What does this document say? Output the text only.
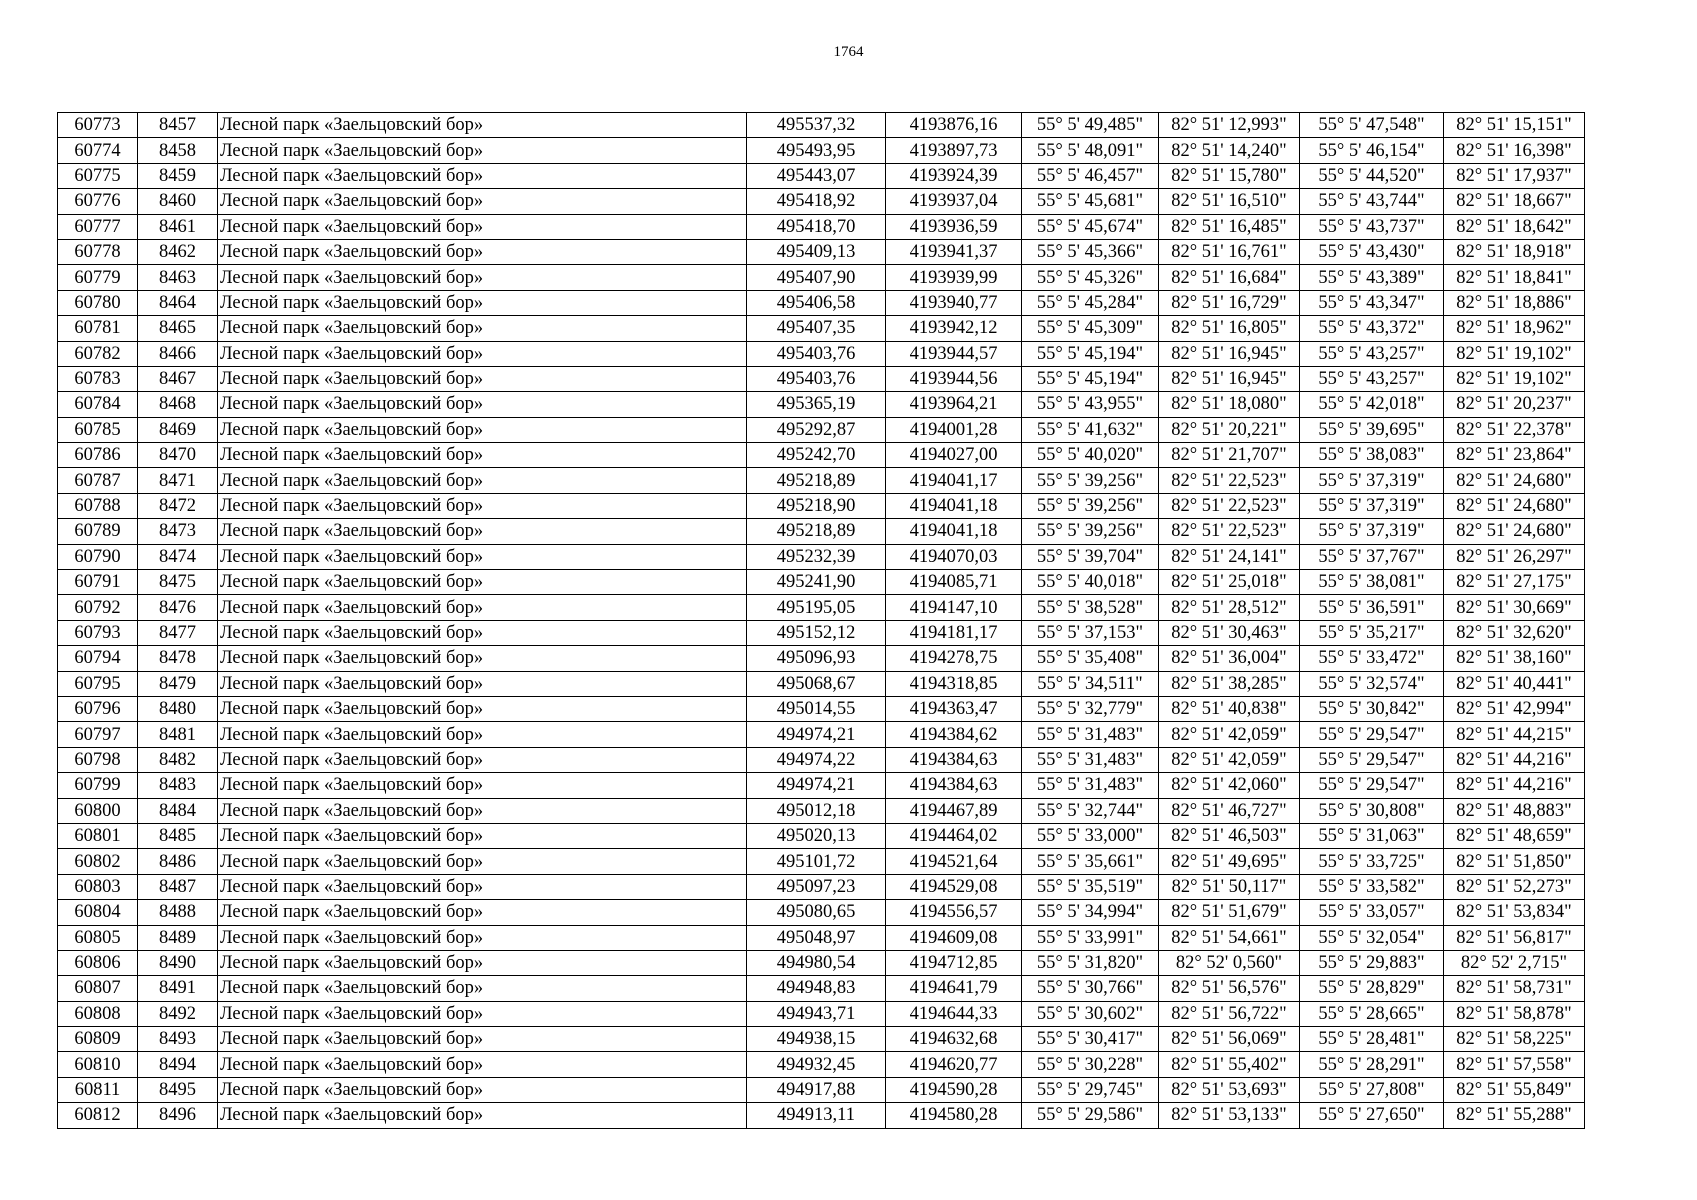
1764
60773	8457	Лесной парк «Заельцовский бор»	495537,32	4193876,16	55° 5' 49,485"	82° 51' 12,993"	55° 5' 47,548"	82° 51' 15,151"
60774	8458	Лесной парк «Заельцовский бор»	495493,95	4193897,73	55° 5' 48,091"	82° 51' 14,240"	55° 5' 46,154"	82° 51' 16,398"
60775	8459	Лесной парк «Заельцовский бор»	495443,07	4193924,39	55° 5' 46,457"	82° 51' 15,780"	55° 5' 44,520"	82° 51' 17,937"
60776	8460	Лесной парк «Заельцовский бор»	495418,92	4193937,04	55° 5' 45,681"	82° 51' 16,510"	55° 5' 43,744"	82° 51' 18,667"
60777	8461	Лесной парк «Заельцовский бор»	495418,70	4193936,59	55° 5' 45,674"	82° 51' 16,485"	55° 5' 43,737"	82° 51' 18,642"
60778	8462	Лесной парк «Заельцовский бор»	495409,13	4193941,37	55° 5' 45,366"	82° 51' 16,761"	55° 5' 43,430"	82° 51' 18,918"
60779	8463	Лесной парк «Заельцовский бор»	495407,90	4193939,99	55° 5' 45,326"	82° 51' 16,684"	55° 5' 43,389"	82° 51' 18,841"
60780	8464	Лесной парк «Заельцовский бор»	495406,58	4193940,77	55° 5' 45,284"	82° 51' 16,729"	55° 5' 43,347"	82° 51' 18,886"
60781	8465	Лесной парк «Заельцовский бор»	495407,35	4193942,12	55° 5' 45,309"	82° 51' 16,805"	55° 5' 43,372"	82° 51' 18,962"
60782	8466	Лесной парк «Заельцовский бор»	495403,76	4193944,57	55° 5' 45,194"	82° 51' 16,945"	55° 5' 43,257"	82° 51' 19,102"
60783	8467	Лесной парк «Заельцовский бор»	495403,76	4193944,56	55° 5' 45,194"	82° 51' 16,945"	55° 5' 43,257"	82° 51' 19,102"
60784	8468	Лесной парк «Заельцовский бор»	495365,19	4193964,21	55° 5' 43,955"	82° 51' 18,080"	55° 5' 42,018"	82° 51' 20,237"
60785	8469	Лесной парк «Заельцовский бор»	495292,87	4194001,28	55° 5' 41,632"	82° 51' 20,221"	55° 5' 39,695"	82° 51' 22,378"
60786	8470	Лесной парк «Заельцовский бор»	495242,70	4194027,00	55° 5' 40,020"	82° 51' 21,707"	55° 5' 38,083"	82° 51' 23,864"
60787	8471	Лесной парк «Заельцовский бор»	495218,89	4194041,17	55° 5' 39,256"	82° 51' 22,523"	55° 5' 37,319"	82° 51' 24,680"
60788	8472	Лесной парк «Заельцовский бор»	495218,90	4194041,18	55° 5' 39,256"	82° 51' 22,523"	55° 5' 37,319"	82° 51' 24,680"
60789	8473	Лесной парк «Заельцовский бор»	495218,89	4194041,18	55° 5' 39,256"	82° 51' 22,523"	55° 5' 37,319"	82° 51' 24,680"
60790	8474	Лесной парк «Заельцовский бор»	495232,39	4194070,03	55° 5' 39,704"	82° 51' 24,141"	55° 5' 37,767"	82° 51' 26,297"
60791	8475	Лесной парк «Заельцовский бор»	495241,90	4194085,71	55° 5' 40,018"	82° 51' 25,018"	55° 5' 38,081"	82° 51' 27,175"
60792	8476	Лесной парк «Заельцовский бор»	495195,05	4194147,10	55° 5' 38,528"	82° 51' 28,512"	55° 5' 36,591"	82° 51' 30,669"
60793	8477	Лесной парк «Заельцовский бор»	495152,12	4194181,17	55° 5' 37,153"	82° 51' 30,463"	55° 5' 35,217"	82° 51' 32,620"
60794	8478	Лесной парк «Заельцовский бор»	495096,93	4194278,75	55° 5' 35,408"	82° 51' 36,004"	55° 5' 33,472"	82° 51' 38,160"
60795	8479	Лесной парк «Заельцовский бор»	495068,67	4194318,85	55° 5' 34,511"	82° 51' 38,285"	55° 5' 32,574"	82° 51' 40,441"
60796	8480	Лесной парк «Заельцовский бор»	495014,55	4194363,47	55° 5' 32,779"	82° 51' 40,838"	55° 5' 30,842"	82° 51' 42,994"
60797	8481	Лесной парк «Заельцовский бор»	494974,21	4194384,62	55° 5' 31,483"	82° 51' 42,059"	55° 5' 29,547"	82° 51' 44,215"
60798	8482	Лесной парк «Заельцовский бор»	494974,22	4194384,63	55° 5' 31,483"	82° 51' 42,059"	55° 5' 29,547"	82° 51' 44,216"
60799	8483	Лесной парк «Заельцовский бор»	494974,21	4194384,63	55° 5' 31,483"	82° 51' 42,060"	55° 5' 29,547"	82° 51' 44,216"
60800	8484	Лесной парк «Заельцовский бор»	495012,18	4194467,89	55° 5' 32,744"	82° 51' 46,727"	55° 5' 30,808"	82° 51' 48,883"
60801	8485	Лесной парк «Заельцовский бор»	495020,13	4194464,02	55° 5' 33,000"	82° 51' 46,503"	55° 5' 31,063"	82° 51' 48,659"
60802	8486	Лесной парк «Заельцовский бор»	495101,72	4194521,64	55° 5' 35,661"	82° 51' 49,695"	55° 5' 33,725"	82° 51' 51,850"
60803	8487	Лесной парк «Заельцовский бор»	495097,23	4194529,08	55° 5' 35,519"	82° 51' 50,117"	55° 5' 33,582"	82° 51' 52,273"
60804	8488	Лесной парк «Заельцовский бор»	495080,65	4194556,57	55° 5' 34,994"	82° 51' 51,679"	55° 5' 33,057"	82° 51' 53,834"
60805	8489	Лесной парк «Заельцовский бор»	495048,97	4194609,08	55° 5' 33,991"	82° 51' 54,661"	55° 5' 32,054"	82° 51' 56,817"
60806	8490	Лесной парк «Заельцовский бор»	494980,54	4194712,85	55° 5' 31,820"	82° 52' 0,560"	55° 5' 29,883"	82° 52' 2,715"
60807	8491	Лесной парк «Заельцовский бор»	494948,83	4194641,79	55° 5' 30,766"	82° 51' 56,576"	55° 5' 28,829"	82° 51' 58,731"
60808	8492	Лесной парк «Заельцовский бор»	494943,71	4194644,33	55° 5' 30,602"	82° 51' 56,722"	55° 5' 28,665"	82° 51' 58,878"
60809	8493	Лесной парк «Заельцовский бор»	494938,15	4194632,68	55° 5' 30,417"	82° 51' 56,069"	55° 5' 28,481"	82° 51' 58,225"
60810	8494	Лесной парк «Заельцовский бор»	494932,45	4194620,77	55° 5' 30,228"	82° 51' 55,402"	55° 5' 28,291"	82° 51' 57,558"
60811	8495	Лесной парк «Заельцовский бор»	494917,88	4194590,28	55° 5' 29,745"	82° 51' 53,693"	55° 5' 27,808"	82° 51' 55,849"
60812	8496	Лесной парк «Заельцовский бор»	494913,11	4194580,28	55° 5' 29,586"	82° 51' 53,133"	55° 5' 27,650"	82° 51' 55,288"
